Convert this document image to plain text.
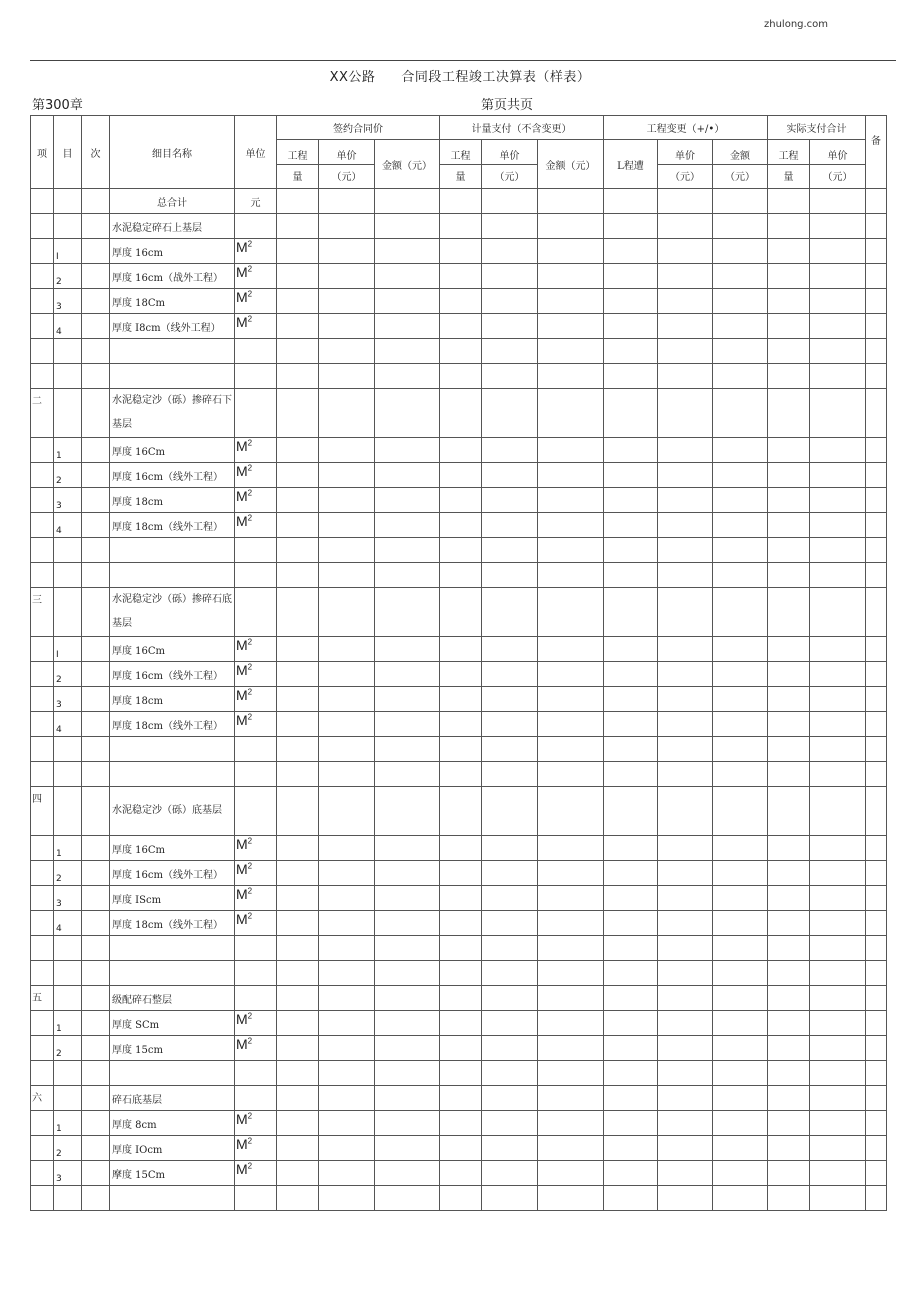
zhulong.com
XX公路 合同段工程竣工决算表（样表）
第300章	第页共页
项	目	次	细目名称	单位	签约合同价			计量支付（不含变更）			工程变更（+/•）			实际支付合计		备
					工程	单价	金额（元）	工程	单价	金额（元）	L程遭	单价	金额	工程	单价	
					量	（元）		量	（元）			（元）	（元）	量	（元）	
			总合计	元												
			水泥稳定碎石上基层													
	I		厚度 16cm	$M^2$												
	2		厚度 16cm（战外工程）	$M^2$												
	3		厚度 18Cm	$M^2$												
	4		厚度 I8cm（线外工程）	$M^2$												

二			水泥稳定沙（砾）掺碎石下基层													
	1		厚度 16Cm	$M^2$												
	2		厚度 16cm（线外工程）	$M^2$												
	3		厚度 18cm	$M^2$												
	4		厚度 18cm（线外工程）	$M^2$												

三			水泥稳定沙（砾）掺碎石底基层													
	I		厚度 16Cm	$M^2$												
	2		厚度 16cm（线外工程）	$M^2$												
	3		厚度 18cm	$M^2$												
	4		厚度 18cm（线外工程）	$M^2$												

四			水泥稳定沙（砾）底基层													
	1		厚度 16Cm	$M^2$												
	2		厚度 16cm（线外工程）	$M^2$												
	3		厚度 IScm	$M^2$												
	4		厚度 18cm（线外工程）	$M^2$												

五			级配碎石整层													
	1		厚度 SCm	$M^2$												
	2		厚度 15cm	$M^2$												

六			碎石底基层													
	1		厚度 8cm	$M^2$												
	2		厚度 IOcm	$M^2$												
	3		摩度 15Cm	$M^2$												
